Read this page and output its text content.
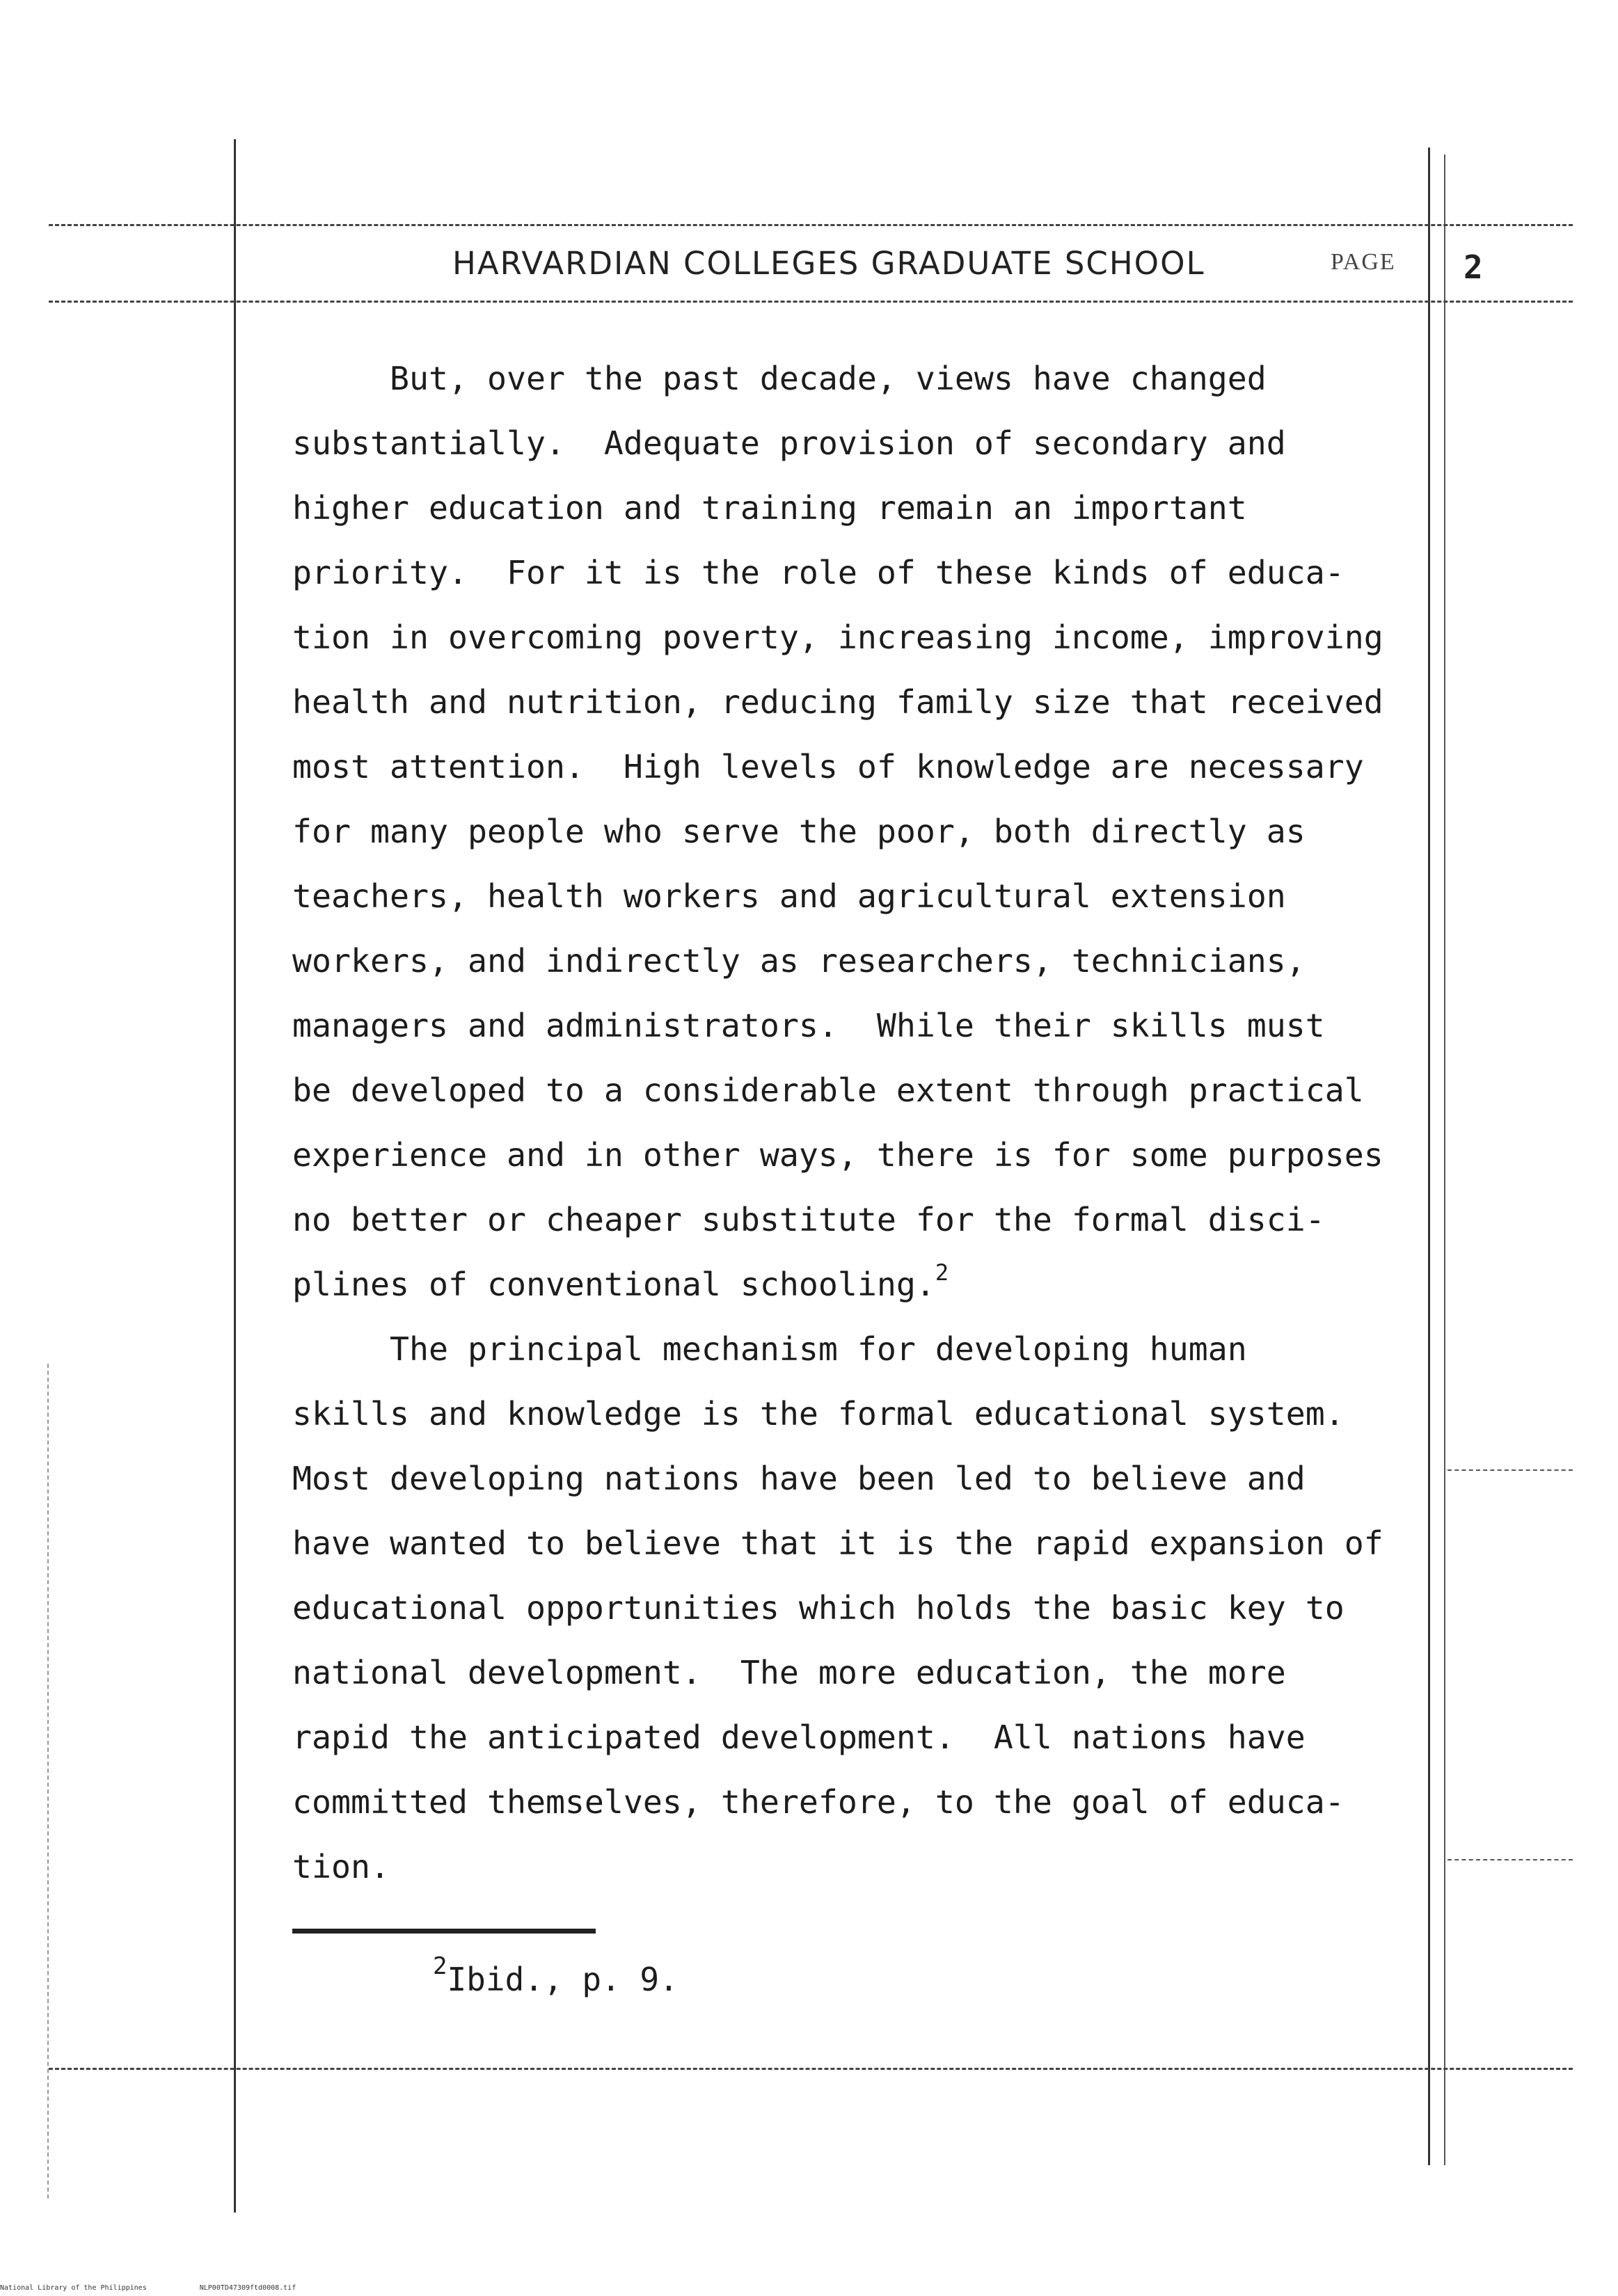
HARVARDIAN COLLEGES GRADUATE SCHOOL	PAGE 2
But, over the past decade, views have changed
substantially.  Adequate provision of secondary and
higher education and training remain an important
priority.  For it is the role of these kinds of educa-
tion in overcoming poverty, increasing income, improving
health and nutrition, reducing family size that received
most attention.  High levels of knowledge are necessary
for many people who serve the poor, both directly as
teachers, health workers and agricultural extension
workers, and indirectly as researchers, technicians,
managers and administrators.  While their skills must
be developed to a considerable extent through practical
experience and in other ways, there is for some purposes
no better or cheaper substitute for the formal disci-
plines of conventional schooling.$^2$
The principal mechanism for developing human
skills and knowledge is the formal educational system.
Most developing nations have been led to believe and
have wanted to believe that it is the rapid expansion of
educational opportunities which holds the basic key to
national development.  The more education, the more
rapid the anticipated development.  All nations have
committed themselves, therefore, to the goal of educa-
tion.
$^2$Ibid., p. 9.
National Library of the Philippines	NLP00TD47309ftd0008.tif
